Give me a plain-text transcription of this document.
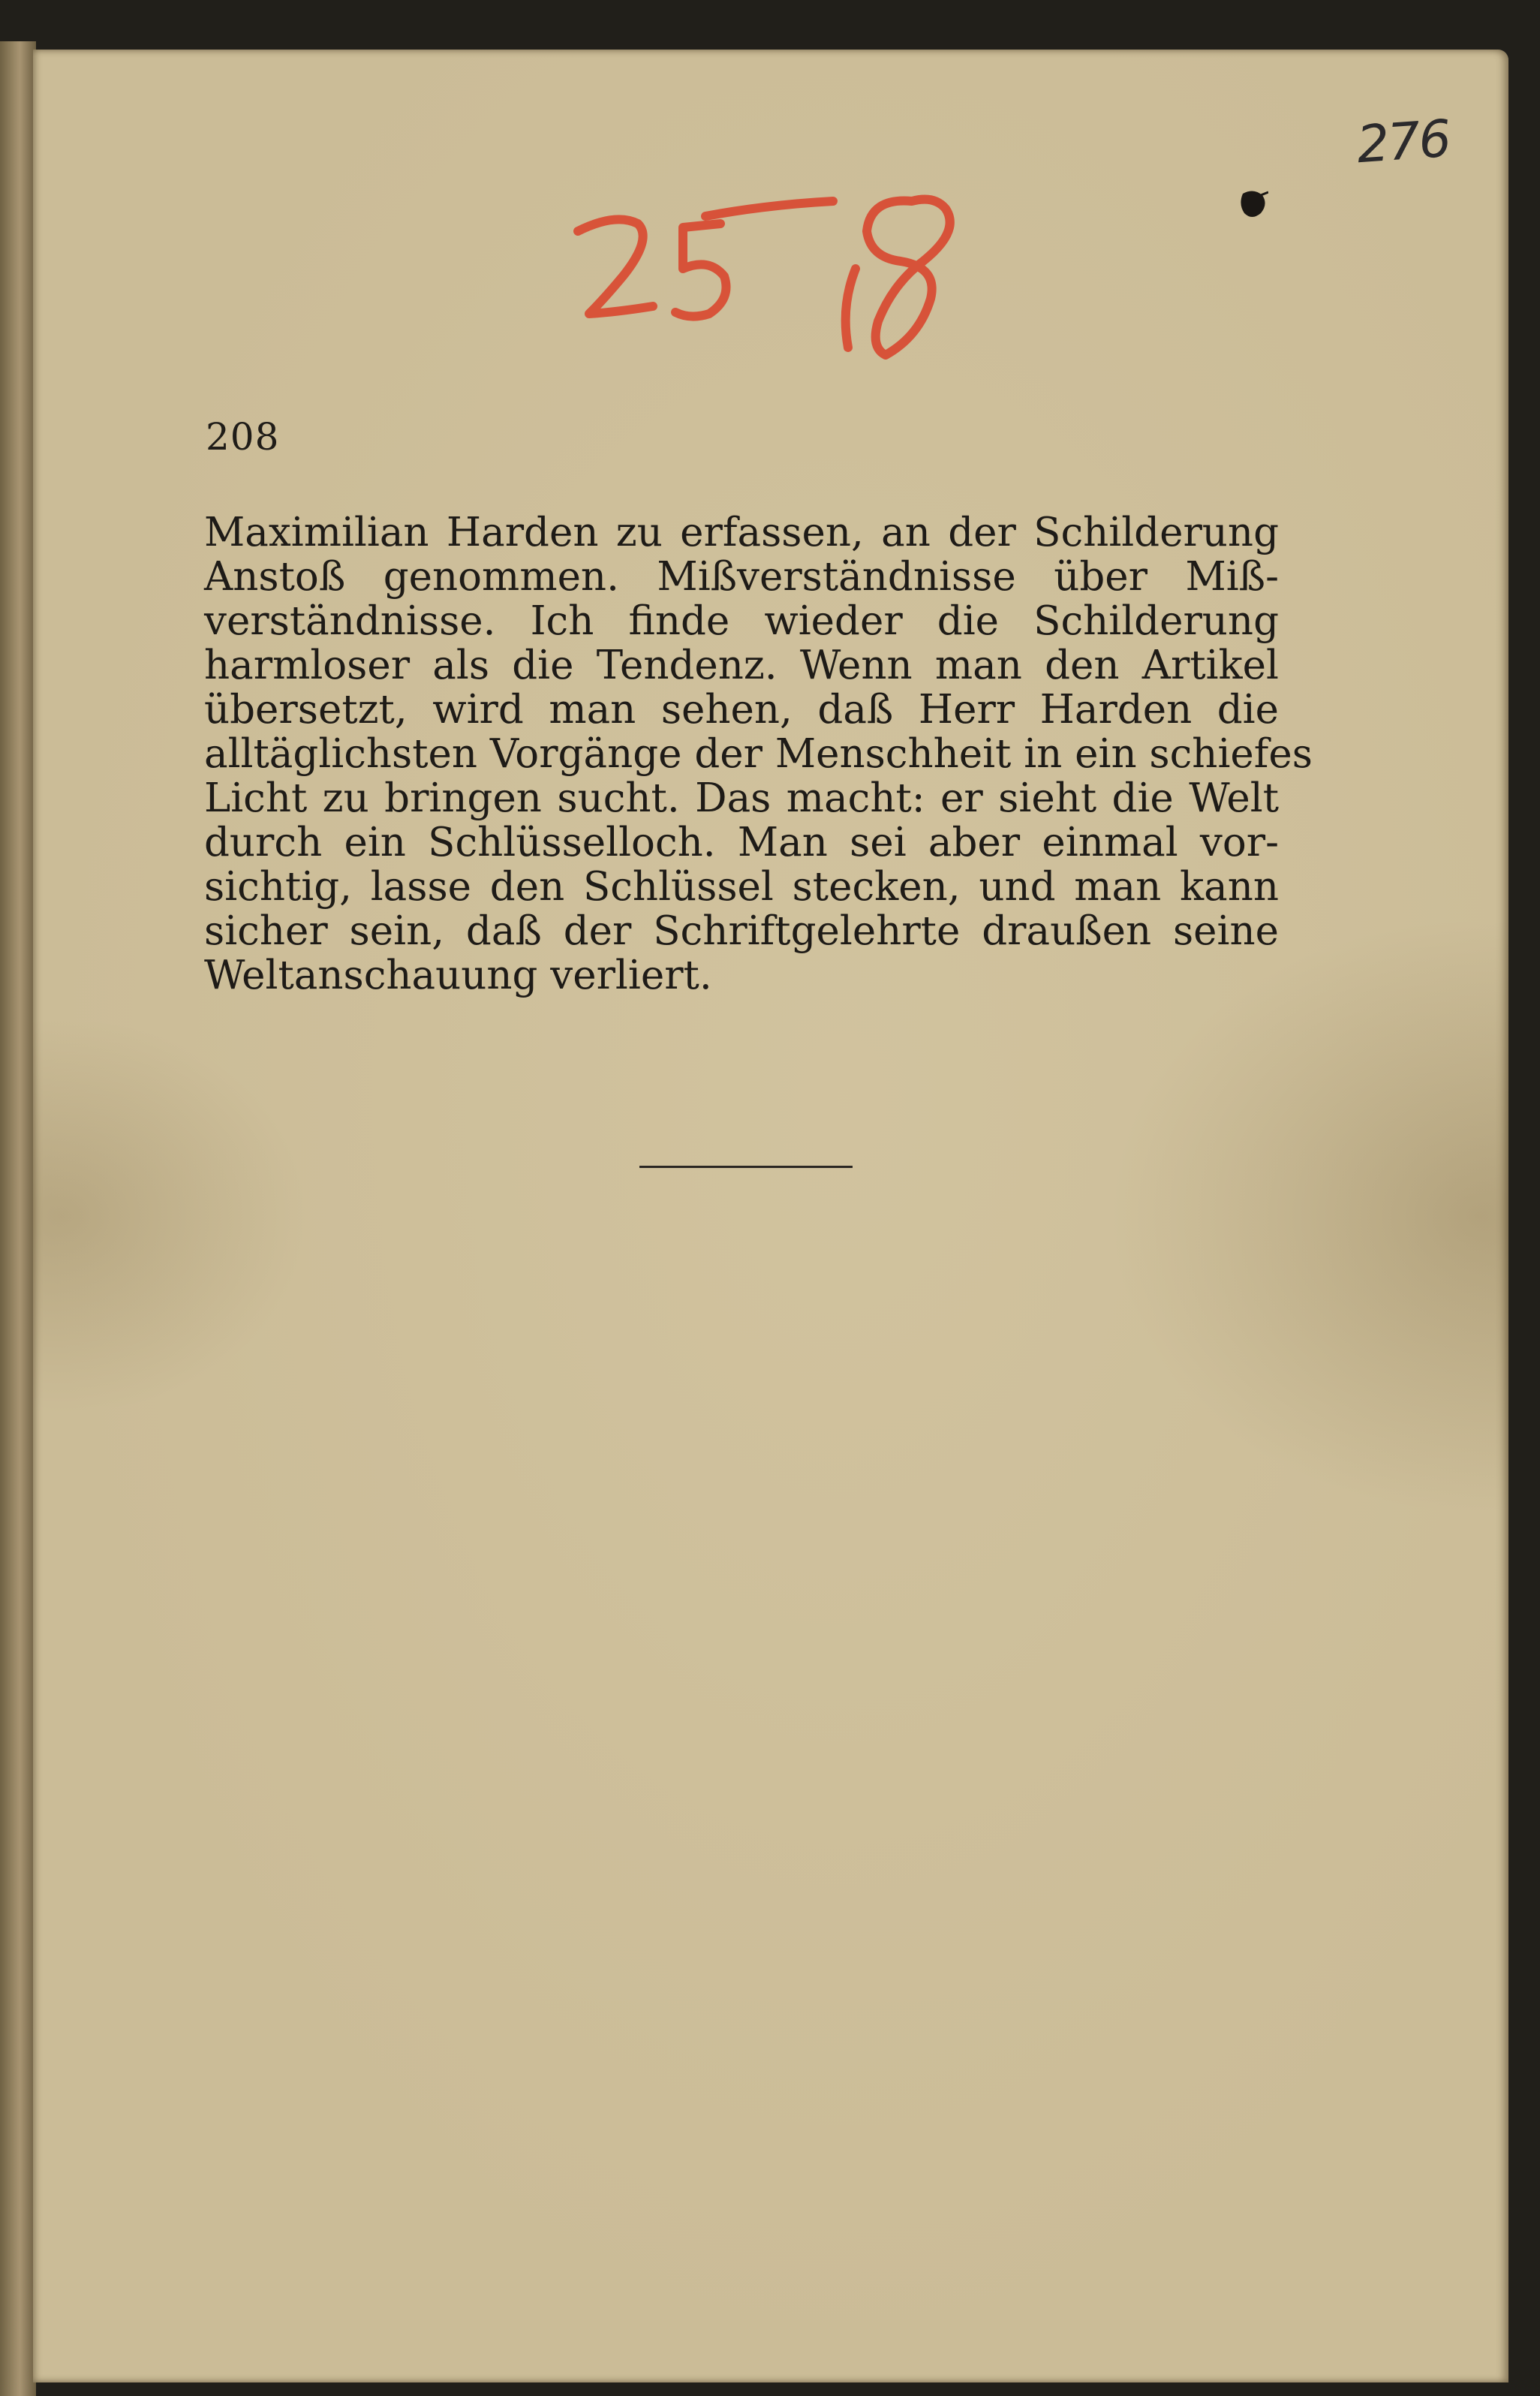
276
208
Maximilian Harden zu erfassen, an der Schilderung
Anstoß genommen. Mißverständnisse über Miß-
verständnisse. Ich finde wieder die Schilderung
harmloser als die Tendenz. Wenn man den Artikel
übersetzt, wird man sehen, daß Herr Harden die
alltäglichsten Vorgänge der Menschheit in ein schiefes
Licht zu bringen sucht. Das macht: er sieht die Welt
durch ein Schlüsselloch. Man sei aber einmal vor-
sichtig, lasse den Schlüssel stecken, und man kann
sicher sein, daß der Schriftgelehrte draußen seine
Weltanschauung verliert.
